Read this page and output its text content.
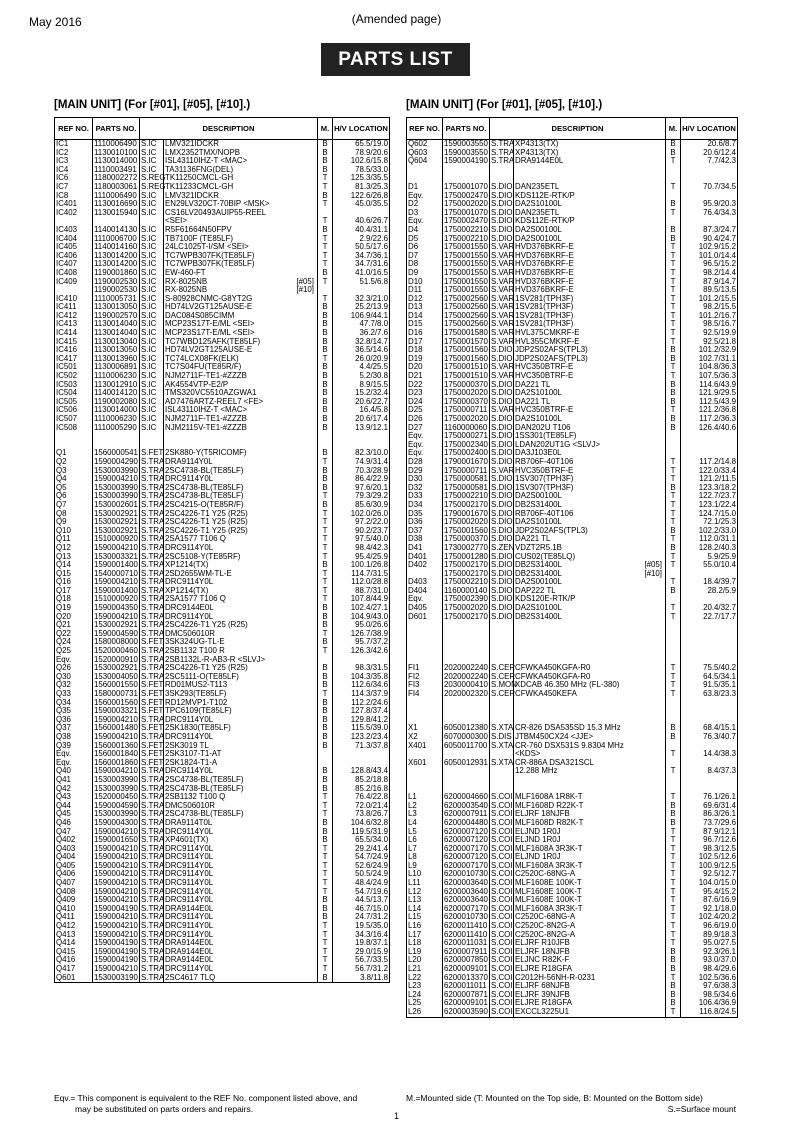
May 2016	(Amended page)
PARTS LIST
[MAIN UNIT] (For [#01], [#05], [#10].)	[MAIN UNIT] (For [#01], [#05], [#10].)
REF NO.	PARTS NO.	DESCRIPTION		M.	H/V LOCATION
IC1	1110006490	S.IC	LMV321IDCKR	B	65.5/19.0
IC2	1130010100	S.IC	LMX2352TMX/NOPB	B	78.9/20.6
IC3	1130014000	S.IC	ISL43110IHZ-T <MAC>	B	102.6/15.8
IC4	1110003491	S.IC	TA31136FNG(DEL)	B	78.5/33.0
IC6	1180002272	S.REG	TK11250CMCL-GH	T	125.3/35.5
IC7	1180003061	S.REG	TK11233CMCL-GH	T	81.3/25.3
IC8	1110006490	S.IC	LMV321IDCKR	B	122.6/26.8
IC401	1130016690	S.IC	EN29LV320CT-70BIP <MSK>	T	45.0/35.5
IC402	1130015940	S.IC	CS16LV20493AUIP55-REEL

			<SEI>	T	40.6/26.7
IC403	1140014130	S.IC	R5F61664N50FPV	B	40.4/31.1
IC404	1110006700	S.IC	TB7100F (TE85LF)	T	2.9/22.6
IC405	1140014160	S.IC	24LC1025T-I/SM <SEI>	T	50.5/17.6
IC406	1130014200	S.IC	TC7WPB307FK(TE85LF)	T	34.7/36.1
IC407	1130014200	S.IC	TC7WPB307FK(TE85LF)	T	34.7/31.6
IC408	1190001860	S.IC	EW-460-FT	B	41.0/16.5
IC409	1190002530	S.IC	RX-8025NB [#05]	T	51.5/6.8
	1190002530	S.IC	RX-8025NB [#10]		

IC410	1110005731	S.IC	S-80928CNMC-G8YT2G	T	32.3/21.0
IC411	1130013050	S.IC	HD74LV2GT125AUSE-E	B	25.2/13.9
IC412	1190002570	S.IC	DAC084S085CIMM	B	106.9/44.1
IC413	1130014040	S.IC	MCP23S17T-E/ML <SEI>	B	47.7/8.0
IC414	1130014040	S.IC	MCP23S17T-E/ML <SEI>	B	36.2/7.6
IC415	1130013040	S.IC	TC7WBD125AFK(TE85LF)	B	32.8/14.7
IC416	1130013050	S.IC	HD74LV2GT125AUSE-E	B	36.5/14.6
IC417	1130013960	S.IC	TC74LCX08FK(ELK)	T	26.0/20.9
IC501	1130006891	S.IC	TC7S04FU(TE85R/F)	B	4.4/25.5
IC502	1110006230	S.IC	NJM2711F-TE1-#ZZZB	B	5.2/30.8
IC503	1130012910	S.IC	AK4554VTP-E2/P	B	8.9/15.5
IC504	1140014120	S.IC	TMS320VC5510AZGWA1	B	15.2/32.4
IC505	1190002080	S.IC	AD7476ARTZ-REEL7 <FE>	B	20.6/22.7
IC506	1130014000	S.IC	ISL43110IHZ-T <MAC>	B	16.4/5.8
IC507	1110006230	S.IC	NJM2711F-TE1-#ZZZB	B	20.6/17.4
IC508	1110005290	S.IC	NJM2115V-TE1-#ZZZB	B	13.9/12.1

Q1	1560000541	S.FET	2SK880-Y(T5RICOMF)	B	82.3/10.0
Q2	1590004290	S.TRA	DRA9114Y0L	T	74.9/31.4
Q3	1530003990	S.TRA	2SC4738-BL(TE85LF)	B	70.3/28.9
Q4	1590004210	S.TRA	DRC9114Y0L	B	86.4/22.9
Q5	1530003990	S.TRA	2SC4738-BL(TE85LF)	B	97.6/20.1
Q6	1530003990	S.TRA	2SC4738-BL(TE85LF)	T	79.3/29.2
Q7	1530002601	S.TRA	2SC4215-O(TE85R/F)	B	85.6/30.9
Q8	1530002921	S.TRA	2SC4226-T1 Y25 (R25)	T	102.0/26.0
Q9	1530002921	S.TRA	2SC4226-T1 Y25 (R25)	T	97.2/22.0
Q10	1530002921	S.TRA	2SC4226-T1 Y25 (R25)	T	90.2/23.7
Q11	1510000920	S.TRA	2SA1577 T106 Q	T	97.5/40.0
Q12	1590004210	S.TRA	DRC9114Y0L	T	98.4/42.3
Q13	1530003321	S.TRA	2SC5108-Y(TE85RF)	T	95.4/25.9
Q14	1590001400	S.TRA	XP1214(TX)	B	100.1/26.8
Q15	1540000710	S.TRA	2SD2655WM-TL-E	T	114.7/31.5
Q16	1590004210	S.TRA	DRC9114Y0L	T	112.0/28.8
Q17	1590001400	S.TRA	XP1214(TX)	T	88.7/31.0
Q18	1510000920	S.TRA	2SA1577 T106 Q	T	107.8/44.9
Q19	1590004350	S.TRA	DRC9144E0L	B	102.4/27.1
Q20	1590004210	S.TRA	DRC9114Y0L	B	104.9/43.0
Q21	1530002921	S.TRA	2SC4226-T1 Y25 (R25)	B	95.0/26.6
Q22	1590004590	S.TRA	DMC506010R	T	126.7/38.9
Q24	1580008000	S.FET	3SK324UG-TL-E	B	95.7/37.2
Q25	1520000460	S.TRA	2SB1132 T100 R	T	126.3/42.6
Eqv.	1520000910	S.TRA	2SB1132L-R-AB3-R <SLVJ>

Q26	1530002921	S.TRA	2SC4226-T1 Y25 (R25)	B	98.3/31.5
Q30	1530004050	S.TRA	2SC5111-O(TE85LF)	B	104.3/35.8
Q32	1560001550	S.FET	RD01MUS2-T113	B	112.6/34.6
Q33	1580000731	S.FET	3SK293(TE85LF)	T	114.3/37.9
Q34	1560001560	S.FET	RD12MVP1-T102	B	112.2/24.6
Q35	1590003321	S.FET	TPC6109(TE85LF)	B	127.8/37.4
Q36	1590004210	S.TRA	DRC9114Y0L	B	129.8/41.2
Q37	1560001480	S.FET	2SK1830(TE85LF)	B	115.5/39.0
Q38	1590004210	S.TRA	DRC9114Y0L	B	123.2/23.4
Q39	1560001360	S.FET	2SK3019 TL	B	71.3/37.8
Eqv.	1560001840	S.FET	2SK3107-T1-AT

Eqv.	1560001860	S.FET	2SK1824-T1-A

Q40	1590004210	S.TRA	DRC9114Y0L	B	128.8/43.4
Q41	1530003990	S.TRA	2SC4738-BL(TE85LF)	B	85.2/18.8
Q42	1530003990	S.TRA	2SC4738-BL(TE85LF)	B	85.2/16.8
Q43	1520000450	S.TRA	2SB1132 T100 Q	T	76.4/22.8
Q44	1590004590	S.TRA	DMC506010R	T	72.0/21.4
Q45	1530003990	S.TRA	2SC4738-BL(TE85LF)	T	73.8/26.7
Q46	1590004300	S.TRA	DRA9114T0L	B	104.6/32.8
Q47	1590004210	S.TRA	DRC9114Y0L	B	119.5/31.9
Q402	1590001650	S.TRA	XP4601(TX)	B	65.5/34.0
Q403	1590004210	S.TRA	DRC9114Y0L	T	29.2/41.4
Q404	1590004210	S.TRA	DRC9114Y0L	T	54.7/24.9
Q405	1590004210	S.TRA	DRC9114Y0L	T	52.6/24.9
Q406	1590004210	S.TRA	DRC9114Y0L	T	50.5/24.9
Q407	1590004210	S.TRA	DRC9114Y0L	T	48.4/24.9
Q408	1590004210	S.TRA	DRC9114Y0L	T	54.7/19.6
Q409	1590004210	S.TRA	DRC9114Y0L	B	44.5/13.7
Q410	1590004190	S.TRA	DRA9144E0L	B	46.7/15.0
Q411	1590004210	S.TRA	DRC9114Y0L	B	24.7/31.2
Q412	1590004210	S.TRA	DRC9114Y0L	T	19.5/35.0
Q413	1590004210	S.TRA	DRC9114Y0L	T	34.3/16.4
Q414	1590004190	S.TRA	DRA9144E0L	T	19.8/37.1
Q415	1590004190	S.TRA	DRA9144E0L	T	29.0/15.9
Q416	1590004190	S.TRA	DRA9144E0L	T	56.7/33.5
Q417	1590004210	S.TRA	DRC9114Y0L	T	56.7/31.2
Q601	1530003190	S.TRA	2SC4617 TLQ	B	3.8/11.8
REF NO.	PARTS NO.	DESCRIPTION		M.	H/V LOCATION
Q602	1590003550	S.TRA	XP4313(TX)	B	20.6/8.7
Q603	1590003550	S.TRA	XP4313(TX)	B	20.6/12.4
Q604	1590004190	S.TRA	DRA9144E0L	T	7.7/42.3

D1	1750001070	S.DIO	DAN235ETL	T	70.7/34.5
Eqv.	1750002470	S.DIO	KDS112E-RTK/P

D2	1750002020	S.DIO	DA2S10100L	B	95.9/20.3
D3	1750001070	S.DIO	DAN235ETL	T	76.4/34.3
Eqv.	1750002470	S.DIO	KDS112E-RTK/P

D4	1750002210	S.DIO	DA2S00100L	B	87.3/24.7
D5	1750002210	S.DIO	DA2S00100L	B	90.4/24.7
D6	1750001550	S.VAR	HVD376BKRF-E	T	102.9/15.2
D7	1750001550	S.VAR	HVD376BKRF-E	T	101.0/14.4
D8	1750001550	S.VAR	HVD376BKRF-E	T	96.5/15.2
D9	1750001550	S.VAR	HVD376BKRF-E	T	98.2/14.4
D10	1750001550	S.VAR	HVD376BKRF-E	T	87.9/14.7
D11	1750001550	S.VAR	HVD376BKRF-E	T	89.5/13.5
D12	1750002560	S.VAR	1SV281(TPH3F)	T	101.2/15.5
D13	1750002560	S.VAR	1SV281(TPH3F)	T	98.2/15.5
D14	1750002560	S.VAR	1SV281(TPH3F)	T	101.2/16.7
D15	1750002560	S.VAR	1SV281(TPH3F)	T	98.5/16.7
D16	1750001580	S.VAR	HVL375CMKRF-E	T	92.5/19.9
D17	1750001570	S.VAR	HVL355CMKRF-E	T	92.5/21.8
D18	1750001560	S.DIO	JDP2S02AFS(TPL3)	B	101.2/32.9
D19	1750001560	S.DIO	JDP2S02AFS(TPL3)	B	102.7/31.1
D20	1750001510	S.VAR	HVC350BTRF-E	T	104.8/36.3
D21	1750001510	S.VAR	HVC350BTRF-E	T	107.5/36.3
D22	1750000370	S.DIO	DA221 TL	B	114.6/43.9
D23	1750002020	S.DIO	DA2S10100L	B	121.9/29.5
D24	1750000370	S.DIO	DA221 TL	B	112.5/43.9
D25	1750000711	S.VAR	HVC350BTRF-E	T	121.2/36.8
D26	1750002020	S.DIO	DA2S10100L	B	117.2/36.3
D27	1160000060	S.DIO	DAN202U T106	B	126.4/40.6
Eqv.	1750000271	S.DIO	1SS301(TE85LF)

Eqv.	1750002340	S.DIO	LDAN202UT1G <SLVJ>

Eqv.	1750002400	S.DIO	DA3J103E0L

D28	1790001670	S.DIO	RB706F-40T106	T	117.2/14.8
D29	1750000711	S.VAR	HVC350BTRF-E	T	122.0/33.4
D30	1750000581	S.DIO	1SV307(TPH3F)	T	121.2/11.5
D32	1750000581	S.DIO	1SV307(TPH3F)	B	123.3/18.2
D33	1750002210	S.DIO	DA2S00100L	T	122.7/23.7
D34	1750002170	S.DIO	DB2S31400L	T	123.1/22.4
D35	1790001670	S.DIO	RB706F-40T106	T	124.7/15.0
D36	1750002020	S.DIO	DA2S10100L	T	72.1/25.3
D37	1750001560	S.DIO	JDP2S02AFS(TPL3)	B	102.2/33.0
D38	1750000370	S.DIO	DA221 TL	T	112.0/31.1
D41	1730002770	S.ZEN	VDZT2R5.1B	B	128.2/40.3
D401	1750001280	S.DIO	CUS02(TE85LQ)	T	5.9/25.9
D402	1750002170	S.DIO	DB2S31400L [#05]	T	55.0/10.4
	1750002170	S.DIO	DB2S31400L [#10]		

D403	1750002210	S.DIO	DA2S00100L	T	18.4/39.7
D404	1160000140	S.DIO	DAP222 TL	B	28.2/5.9
Eqv.	1750002390	S.DIO	KDS120E-RTK/P

D405	1750002020	S.DIO	DA2S10100L	T	20.4/32.7
D601	1750002170	S.DIO	DB2S31400L	T	22.7/17.7

FI1	2020002240	S.CER	CFWKA450KGFA-R0	T	75.5/40.2
FI2	2020002240	S.CER	CFWKA450KGFA-R0	T	64.5/34.1
FI3	2030000410	S.MON	XDCAB 46.350 MHz (FL-380)	T	91.5/35.1
FI4	2020002320	S.CER	CFWKA450KEFA	T	63.8/23.3

X1	6050012380	S.XTA	CR-826 DSA535SD 15.3 MHz	B	68.4/15.1
X2	6070000300	S.DIS	JTBM450CX24 <JJE>	B	76.3/40.7
X401	6050011700	S.XTA	CR-760 DSX531S 9.8304 MHz

			<KDS>	T	14.4/38.3
X601	6050012931	S.XTA	CR-886A DSA321SCL

			12.288 MHz	T	8.4/37.3

L1	6200004660	S.COI	MLF1608A 1R8K-T	T	76.1/26.1
L2	6200003540	S.COI	MLF1608D R22K-T	B	69.6/31.4
L3	6200007911	S.COI	ELJRF 18NJFB	B	86.3/26.1
L4	6200004480	S.COI	MLF1608D R82K-T	B	73.7/29.6
L5	6200007120	S.COI	ELJND 1R0J	T	87.9/12.1
L6	6200007120	S.COI	ELJND 1R0J	T	96.7/12.6
L7	6200007170	S.COI	MLF1608A 3R3K-T	T	98.3/12.5
L8	6200007120	S.COI	ELJND 1R0J	T	102.5/12.6
L9	6200007170	S.COI	MLF1608A 3R3K-T	T	100.9/12.5
L10	6200010730	S.COI	C2520C-68NG-A	T	92.5/12.7
L11	6200003640	S.COI	MLF1608E 100K-T	T	104.0/15.0
L12	6200003640	S.COI	MLF1608E 100K-T	T	95.4/15.2
L13	6200003640	S.COI	MLF1608E 100K-T	T	87.6/16.9
L14	6200007170	S.COI	MLF1608A 3R3K-T	T	92.1/18.0
L15	6200010730	S.COI	C2520C-68NG-A	T	102.4/20.2
L16	6200011410	S.COI	C2520C-8N2G-A	T	96.6/19.0
L17	6200011410	S.COI	C2520C-8N2G-A	T	89.9/18.3
L18	6200011031	S.COI	ELJRF R10JFB	T	95.0/27.5
L19	6200007911	S.COI	ELJRF 18NJFB	B	92.3/26.1
L20	6200007850	S.COI	ELJNC R82K-F	B	93.0/37.0
L21	6200009101	S.COI	ELJRE R18GFA	B	98.4/29.6
L22	6200013370	S.COI	C2012H-56NH-R-0231	T	102.5/36.6
L23	6200011011	S.COI	ELJRF 68NJFB	B	97.6/38.3
L24	6200007871	S.COI	ELJRF 39NJFB	B	98.5/34.6
L25	6200009101	S.COI	ELJRE R18GFA	B	106.4/36.9
L26	6200003590	S.COI	EXCCL3225U1	T	116.8/24.5
Eqv.= This component is equivalent to the REF No. component listed above, and
may be substituted on parts orders and repairs.
M.=Mounted side (T: Mounted on the Top side, B: Mounted on the Bottom side)
S.=Surface mount
1
